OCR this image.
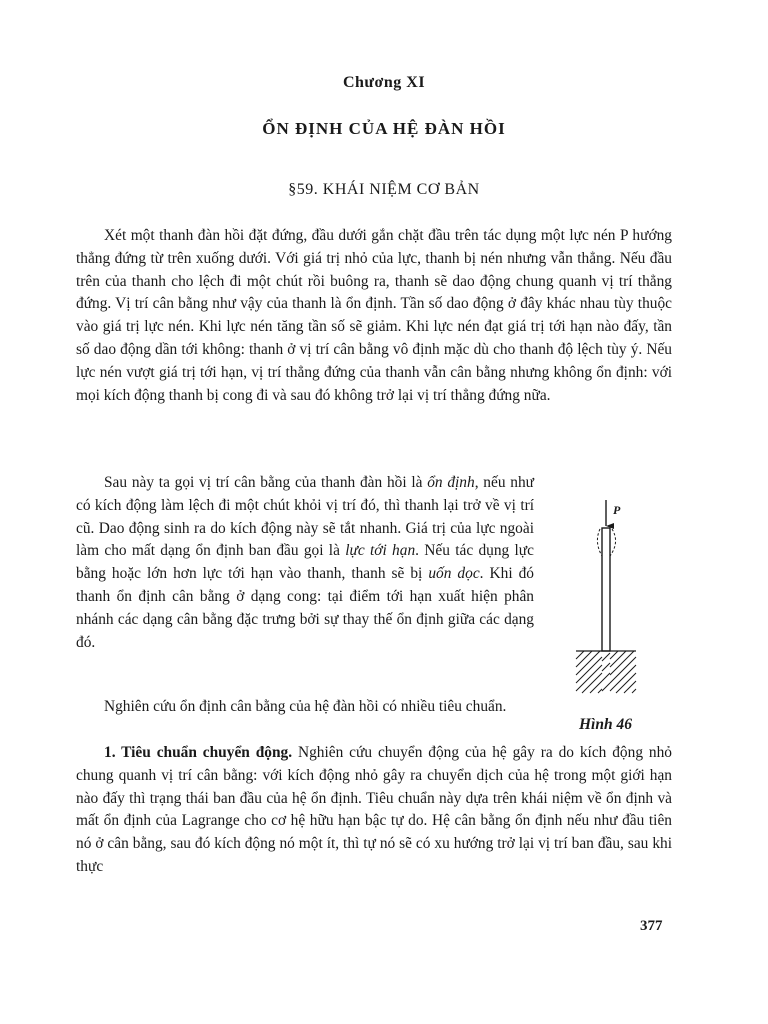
Chương XI
ỔN ĐỊNH CỦA HỆ ĐÀN HỒI
§59. KHÁI NIỆM CƠ BẢN

Xét một thanh đàn hồi đặt đứng, đầu dưới gắn chặt đầu trên tác dụng một lực nén P hướng thẳng đứng từ trên xuống dưới. Với giá trị nhỏ của lực, thanh bị nén nhưng vẫn thẳng. Nếu đầu trên của thanh cho lệch đi một chút rồi buông ra, thanh sẽ dao động chung quanh vị trí thẳng đứng. Vị trí cân bằng như vậy của thanh là ổn định. Tần số dao động ở đây khác nhau tùy thuộc vào giá trị lực nén. Khi lực nén tăng tần số sẽ giảm. Khi lực nén đạt giá trị tới hạn nào đấy, tần số dao động dần tới không: thanh ở vị trí cân bằng vô định mặc dù cho thanh độ lệch tùy ý. Nếu lực nén vượt giá trị tới hạn, vị trí thẳng đứng của thanh vẫn cân bằng nhưng không ổn định: với mọi kích động thanh bị cong đi và sau đó không trở lại vị trí thẳng đứng nữa.

Sau này ta gọi vị trí cân bằng của thanh đàn hồi là ổn định, nếu như có kích động làm lệch đi một chút khỏi vị trí đó, thì thanh lại trở về vị trí cũ. Dao động sinh ra do kích động này sẽ tắt nhanh. Giá trị của lực ngoài làm cho mất dạng ổn định ban đầu gọi là lực tới hạn. Nếu tác dụng lực bằng hoặc lớn hơn lực tới hạn vào thanh, thanh sẽ bị uốn dọc. Khi đó thanh ổn định cân bằng ở dạng cong: tại điểm tới hạn xuất hiện phân nhánh các dạng cân bằng đặc trưng bởi sự thay thế ổn định giữa các dạng đó.

Nghiên cứu ổn định cân bằng của hệ đàn hồi có nhiều tiêu chuẩn.

1. Tiêu chuẩn chuyển động. Nghiên cứu chuyển động của hệ gây ra do kích động nhỏ chung quanh vị trí cân bằng: với kích động nhỏ gây ra chuyển dịch của hệ trong một giới hạn nào đấy thì trạng thái ban đầu của hệ ổn định. Tiêu chuẩn này dựa trên khái niệm về ổn định và mất ổn định của Lagrange cho cơ hệ hữu hạn bậc tự do. Hệ cân bằng ổn định nếu như đầu tiên nó ở cân bằng, sau đó kích động nó một ít, thì tự nó sẽ có xu hướng trở lại vị trí ban đầu, sau khi thực

P
Hình 46
377
